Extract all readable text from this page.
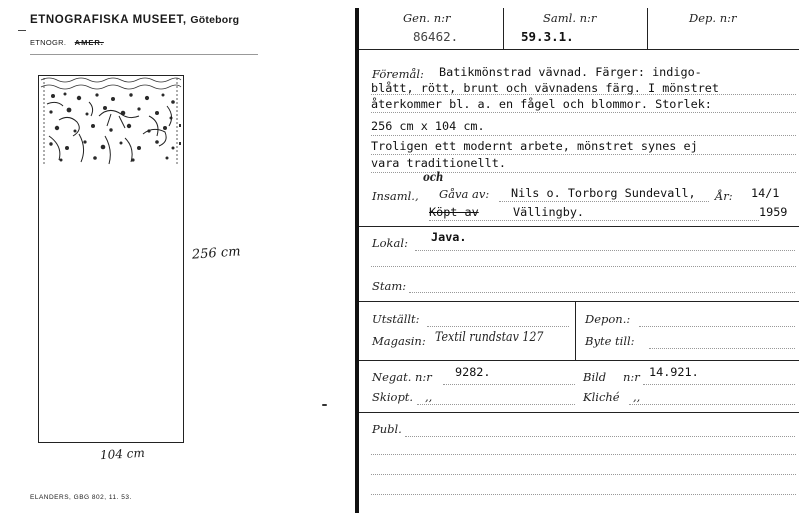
ETNOGRAFISKA MUSEET, Göteborg
ETNOGR. AMER.
256 cm
104 cm
ELANDERS, GBG 802, 11. 53.
Gen. n:r
86462.
Saml. n:r
59.3.1.
Dep. n:r
Föremål: Batikmönstrad vävnad. Färger: indigo-
blått, rött, brunt och vävnadens färg. I mönstret
återkommer bl. a. en fågel och blommor. Storlek:
256 cm x 104 cm.
Troligen ett modernt arbete, mönstret synes ej
vara traditionellt.
och
Insaml., Gåva av: Nils o. Torborg Sundevall, År: 14/1
Köpt av	Vällingby.	1959
Lokal: Java.
Stam:
Utställt:
Magasin: Textil rundstav 127
Depon.:
Byte till:
Negat. n:r 9282.	Bild n:r 14.921.
Skiopt. ,,	Kliché ,,
Publ.
